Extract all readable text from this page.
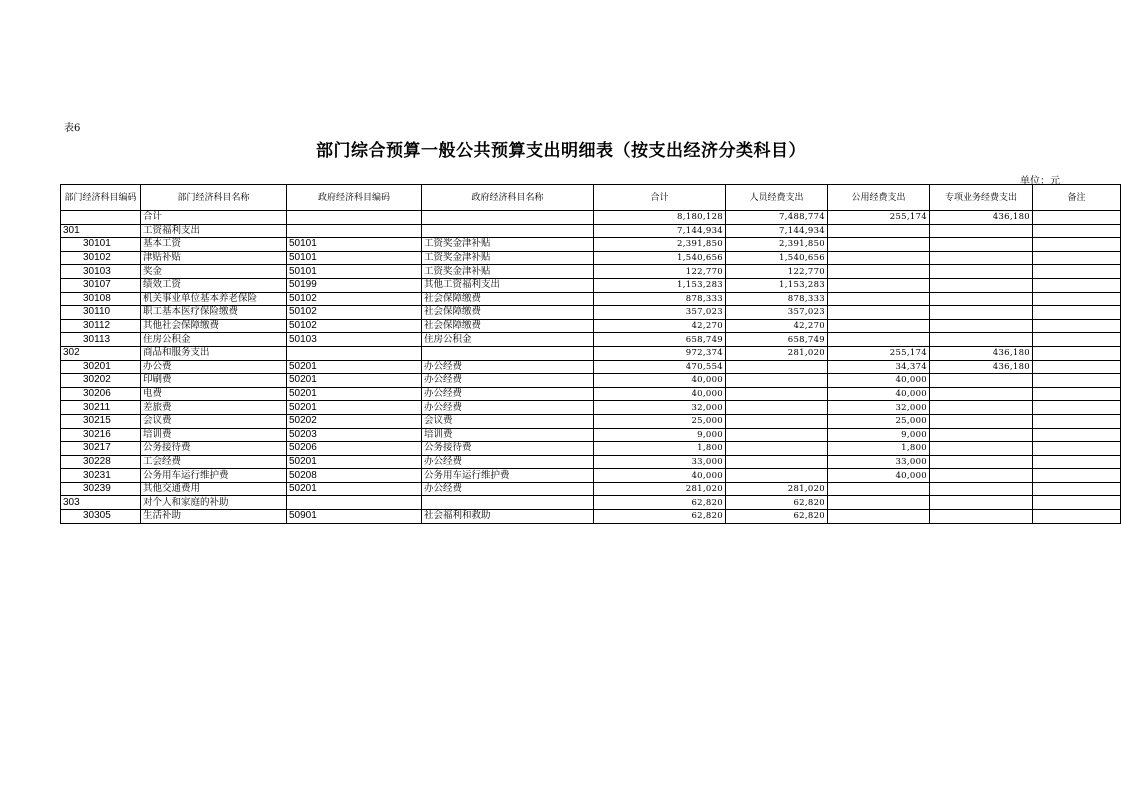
表6
部门综合预算一般公共预算支出明细表（按支出经济分类科目）
单位：元
部门经济科目编码	部门经济科目名称	政府经济科目编码	政府经济科目名称	合计	人员经费支出	公用经费支出	专项业务经费支出	备注
	合计			8,180,128	7,488,774	255,174	436,180	
301	工资福利支出			7,144,934	7,144,934			
30101	基本工资	50101	工资奖金津补贴	2,391,850	2,391,850			
30102	津贴补贴	50101	工资奖金津补贴	1,540,656	1,540,656			
30103	奖金	50101	工资奖金津补贴	122,770	122,770			
30107	绩效工资	50199	其他工资福利支出	1,153,283	1,153,283			
30108	机关事业单位基本养老保险	50102	社会保障缴费	878,333	878,333			
30110	职工基本医疗保险缴费	50102	社会保障缴费	357,023	357,023			
30112	其他社会保障缴费	50102	社会保障缴费	42,270	42,270			
30113	住房公积金	50103	住房公积金	658,749	658,749			
302	商品和服务支出			972,374	281,020	255,174	436,180	
30201	办公费	50201	办公经费	470,554		34,374	436,180	
30202	印刷费	50201	办公经费	40,000		40,000		
30206	电费	50201	办公经费	40,000		40,000		
30211	差旅费	50201	办公经费	32,000		32,000		
30215	会议费	50202	会议费	25,000		25,000		
30216	培训费	50203	培训费	9,000		9,000		
30217	公务接待费	50206	公务接待费	1,800		1,800		
30228	工会经费	50201	办公经费	33,000		33,000		
30231	公务用车运行维护费	50208	公务用车运行维护费	40,000		40,000		
30239	其他交通费用	50201	办公经费	281,020	281,020			
303	对个人和家庭的补助			62,820	62,820			
30305	生活补助	50901	社会福利和救助	62,820	62,820			
